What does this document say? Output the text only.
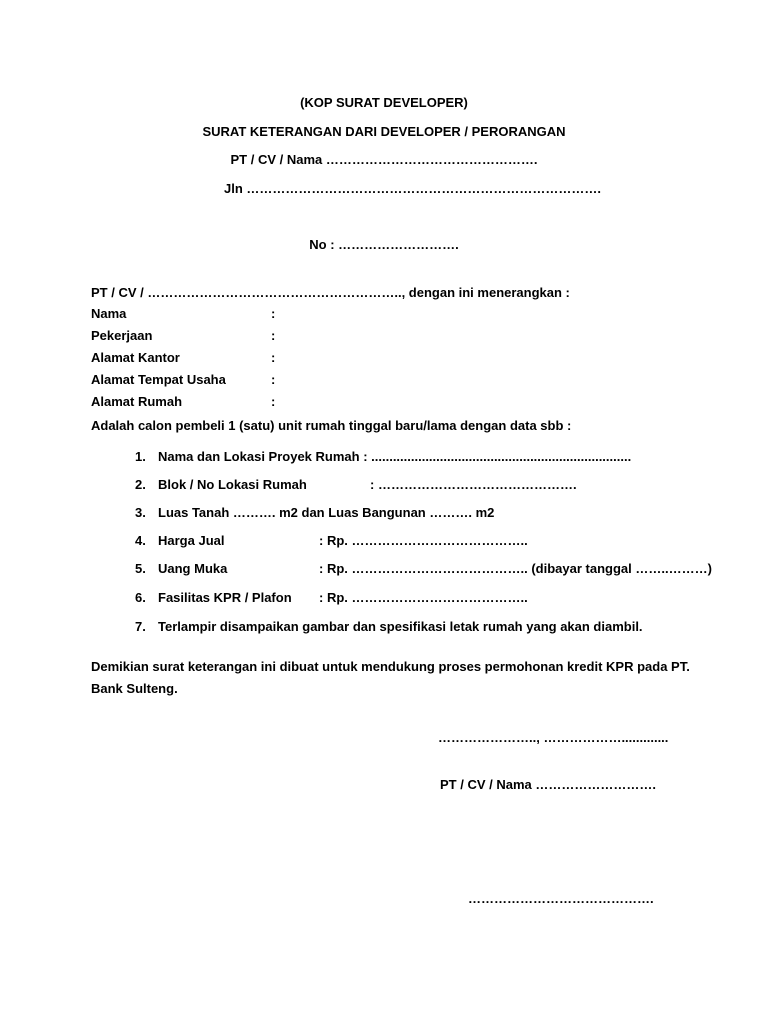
(KOP SURAT DEVELOPER)
SURAT KETERANGAN DARI DEVELOPER / PERORANGAN
PT / CV / Nama ………………………………………….
Jln ……………………………………………………………………….
No : ……………………….
PT / CV / ………………………………………………….., dengan ini menerangkan :
Nama	:
Pekerjaan	:
Alamat Kantor	:
Alamat Tempat Usaha	:
Alamat Rumah	:
Adalah calon pembeli 1 (satu) unit rumah tinggal baru/lama dengan data sbb :
1. Nama dan Lokasi Proyek Rumah : ........................................................................
2. Blok / No Lokasi Rumah	: ……………………………………….
3. Luas Tanah ………. m2 dan Luas Bangunan ………. m2
4. Harga Jual	: Rp. …………………………………..
5. Uang Muka	: Rp. ………………………………….. (dibayar tanggal ……..………)
6. Fasilitas KPR / Plafon : Rp. …………………………………..
7. Terlampir disampaikan gambar dan spesifikasi letak rumah yang akan diambil.
Demikian surat keterangan ini dibuat untuk mendukung proses permohonan kredit KPR pada PT. Bank Sulteng.
………………….., ……………….............
PT / CV / Nama ……………………….
…………………………………….
